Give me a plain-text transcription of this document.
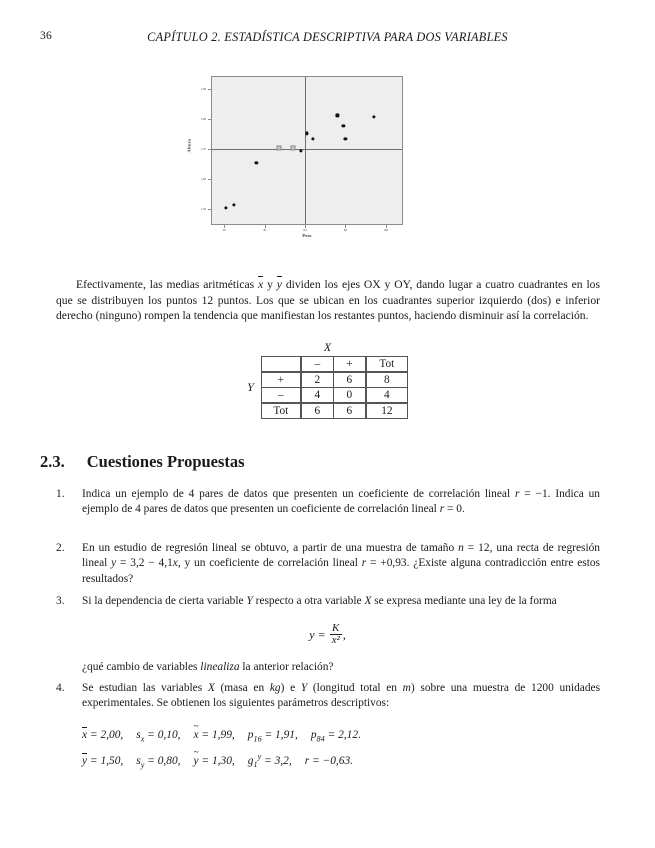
36	CAPÍTULO 2. ESTADÍSTICA DESCRIPTIVA PARA DOS VARIABLES
20	40	60	80	100
1,50
1,60
1,70
1,80
1,90
Peso
Altura
Efectivamente, las medias aritméticas x y y dividen los ejes OX y OY, dando lugar a cuatro cuadrantes en los que se distribuyen los puntos 12 puntos. Los que se ubican en los cuadrantes superior izquierdo (dos) e inferior derecho (ninguno) rompen la tendencia que manifiestan los restantes puntos, haciendo disminuir así la correlación.
X
Y
	–	+	Tot
+	2	6	8
–	4	0	4
Tot	6	6	12
2.3. Cuestiones Propuestas
1.	Indica un ejemplo de 4 pares de datos que presenten un coeficiente de correlación lineal r = −1. Indica un ejemplo de 4 pares de datos que presenten un coeficiente de correlación lineal r = 0.
2.	En un estudio de regresión lineal se obtuvo, a partir de una muestra de tamaño n = 12, una recta de regresión lineal y = 3,2 − 4,1x, y un coeficiente de correlación lineal r = +0,93. ¿Existe alguna contradicción entre estos resultados?
3.	Si la dependencia de cierta variable Y respecto a otra variable X se expresa mediante una ley de la forma
$y = \frac{K}{\text{x²}}$ ,
¿qué cambio de variables linealiza la anterior relación?
4.	Se estudian las variables X (masa en kg) e Y (longitud total en m) sobre una muestra de 1200 unidades experimentales. Se obtienen los siguientes parámetros descriptivos:
x = 2,00, $s_x = 0,10$, x ~ = 1,99, $p_{16} = 1,91$, $p_{84} = 2,12$.
y = 1,50, $s_y = 0,80$, y ~ = 1,30, $g_1^y = 3,2$, r = −0,63.
